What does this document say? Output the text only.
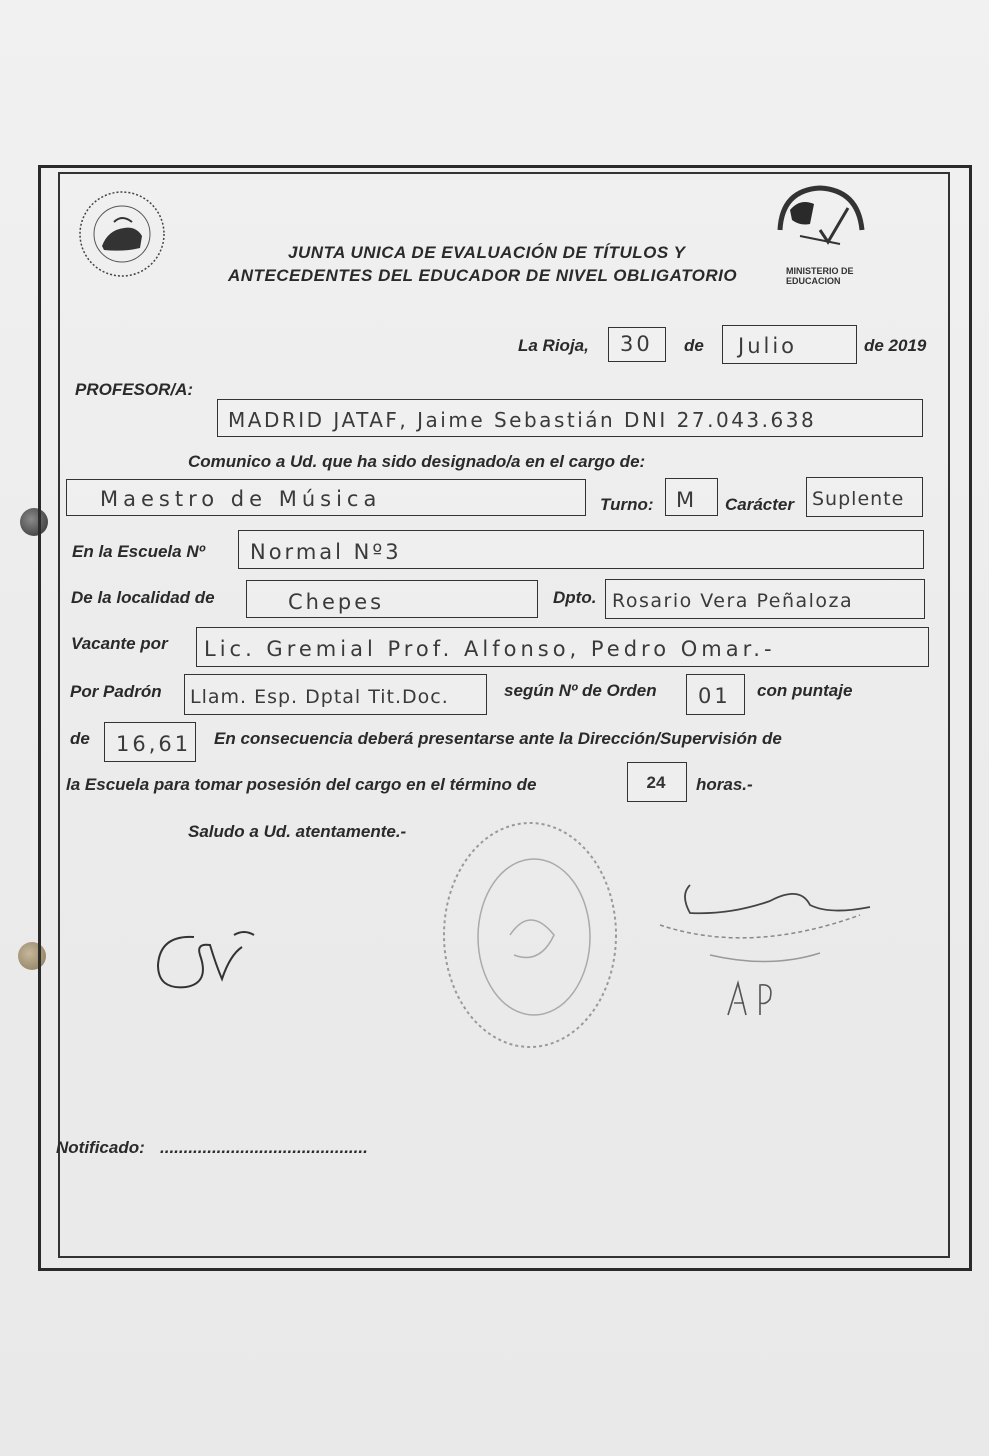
MINISTERIO DE
EDUCACION
JUNTA UNICA DE EVALUACIÓN DE TÍTULOS Y
ANTECEDENTES DEL EDUCADOR DE NIVEL OBLIGATORIO
La Rioja, 30 de Julio	de 2019
PROFESOR/A:
MADRID JATAF, Jaime Sebastián DNI 27.043.638
Comunico a Ud. que ha sido designado/a en el cargo de:
Maestro de Música	Turno: M Carácter Suplente
En la Escuela Nº Normal Nº3
De la localidad de	Chepes	Dpto. Rosario Vera Peñaloza
Vacante por Lic. Gremial Prof. Alfonso, Pedro Omar.-
Por Padrón Llam. Esp. Dptal Tit.Doc.	según Nº de Orden 01 con puntaje
de 16,61 En consecuencia deberá presentarse ante la Dirección/Supervisión de
la Escuela para tomar posesión del cargo en el término de	24	horas.-
Saludo a Ud. atentamente.-
Notificado: ............................................
